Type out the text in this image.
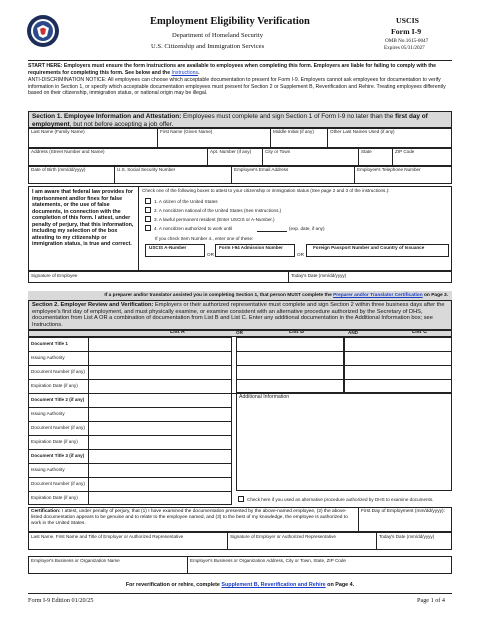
Employment Eligibility Verification
Department of Homeland Security
U.S. Citizenship and Immigration Services
USCIS
Form I-9
OMB No.1615-0047
Expires 05/31/2027
START HERE: Employers must ensure the form instructions are available to employees when completing this form. Employers are liable for failing to comply with the requirements for completing this form. See below and the Instructions.
ANTI-DISCRIMINATION NOTICE: All employees can choose which acceptable documentation to present for Form I-9. Employers cannot ask employees for documentation to verify information in Section 1, or specify which acceptable documentation employees must present for Section 2 or Supplement B, Reverification and Rehire. Treating employees differently based on their citizenship, immigration status, or national origin may be illegal.
Section 1. Employee Information and Attestation: Employees must complete and sign Section 1 of Form I-9 no later than the first day of employment, but not before accepting a job offer.
Last Name (Family Name)	First Name (Given Name)	Middle Initial (if any)	Other Last Names Used (if any)
Address (Street Number and Name)	Apt. Number (if any)	City or Town	State	ZIP Code
Date of Birth (mm/dd/yyyy)	U.S. Social Security Number	Employee's Email Address	Employee's Telephone Number
I am aware that federal law provides for imprisonment and/or fines for false statements, or the use of false documents, in connection with the completion of this form. I attest, under penalty of perjury, that this information, including my selection of the box attesting to my citizenship or immigration status, is true and correct.
Check one of the following boxes to attest to your citizenship or immigration status (See page 2 and 3 of the instructions.):
1. A citizen of the United States
2. A noncitizen national of the United States (See Instructions.)
3. A lawful permanent resident (Enter USCIS or A-Number.)
4. A noncitizen authorized to work until	(exp. date, if any)
If you check Item Number 4., enter one of these:
USCIS A-Number
OR
Form I-94 Admission Number
OR
Foreign Passport Number and Country of Issuance
Signature of Employee	Today's Date (mm/dd/yyyy)
If a preparer and/or translator assisted you in completing Section 1, that person MUST complete the Preparer and/or Translator Certification on Page 3.
Section 2. Employer Review and Verification: Employers or their authorized representative must complete and sign Section 2 within three business days after the employee's first day of employment, and must physically examine, or examine consistent with an alternative procedure authorized by the Secretary of DHS, documentation from List A OR a combination of documentation from List B and List C. Enter any additional documentation in the Additional Information box; see Instructions.
List A	OR	List B	AND	List C
Document Title 1
Issuing Authority
Document Number (if any)
Expiration Date (if any)
Document Title 2 (if any)
Issuing Authority
Document Number (if any)
Expiration Date (if any)
Document Title 3 (if any)
Issuing Authority
Document Number (if any)
Expiration Date (if any)
Additional Information
Check here if you used an alternative procedure authorized by DHS to examine documents.
Certification: I attest, under penalty of perjury, that (1) I have examined the documentation presented by the above-named employee, (2) the above-listed documentation appears to be genuine and to relate to the employee named, and (3) to the best of my knowledge, the employee is authorized to work in the United States.
First Day of Employment (mm/dd/yyyy):
Last Name, First Name and Title of Employer or Authorized Representative	Signature of Employer or Authorized Representative	Today's Date (mm/dd/yyyy)
Employer's Business or Organization Name	Employer's Business or Organization Address, City or Town, State, ZIP Code
For reverification or rehire, complete Supplement B, Reverification and Rehire on Page 4.
Form I-9 Edition 01/20/25	Page 1 of 4
